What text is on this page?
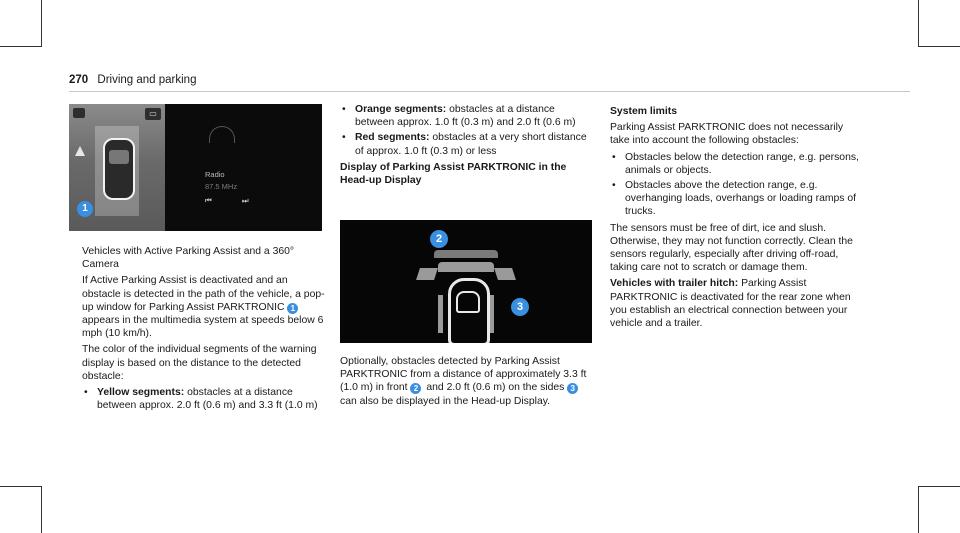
270 Driving and parking
▭
Radio
87.5 MHz
⏮ ⏭
1

Vehicles with Active Parking Assist and a 360° Camera

If Active Parking Assist is deactivated and an obstacle is detected in the path of the vehicle, a pop-up window for Parking Assist PARKTRONIC 1 appears in the multimedia system at speeds below 6 mph (10 km/h).

The color of the individual segments of the warning display is based on the distance to the detected obstacle:

• Yellow segments: obstacles at a distance between approx. 2.0 ft (0.6 m) and 3.3 ft (1.0 m)
• Orange segments: obstacles at a distance between approx. 1.0 ft (0.3 m) and 2.0 ft (0.6 m)
• Red segments: obstacles at a very short distance of approx. 1.0 ft (0.3 m) or less

Display of Parking Assist PARKTRONIC in the Head-up Display

2
3

Optionally, obstacles detected by Parking Assist PARKTRONIC from a distance of approximately 3.3 ft (1.0 m) in front 2 and 2.0 ft (0.6 m) on the sides 3 can also be displayed in the Head-up Display.

System limits

Parking Assist PARKTRONIC does not necessarily take into account the following obstacles:

• Obstacles below the detection range, e.g. persons, animals or objects.
• Obstacles above the detection range, e.g. overhanging loads, overhangs or loading ramps of trucks.

The sensors must be free of dirt, ice and slush. Otherwise, they may not function correctly. Clean the sensors regularly, especially after driving off-road, taking care not to scratch or damage them.

Vehicles with trailer hitch: Parking Assist PARKTRONIC is deactivated for the rear zone when you establish an electrical connection between your vehicle and a trailer.
